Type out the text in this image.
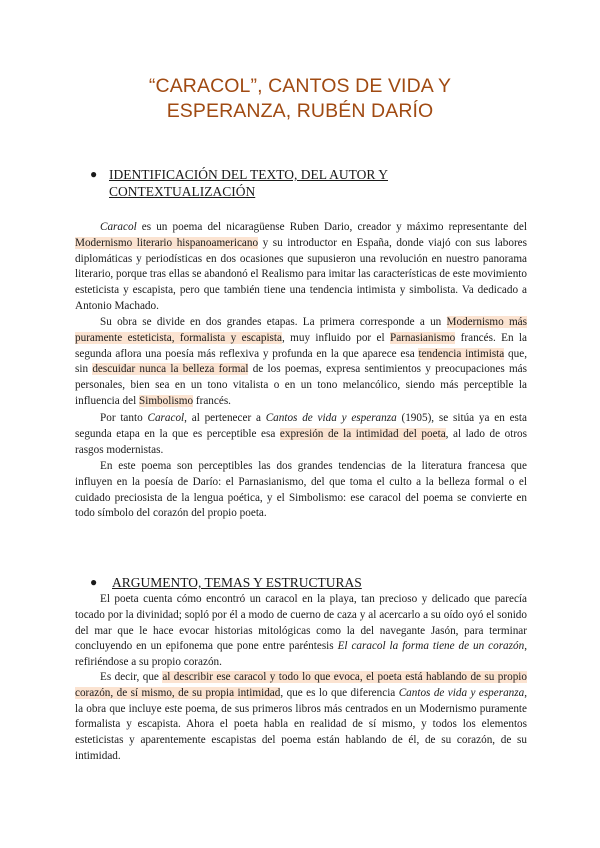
“CARACOL”, CANTOS DE VIDA Y
ESPERANZA, RUBÉN DARÍO
● IDENTIFICACIÓN DEL TEXTO, DEL AUTOR Y
CONTEXTUALIZACIÓN

Caracol es un poema del nicaragüense Ruben Dario, creador y máximo representante del Modernismo literario hispanoamericano y su introductor en España, donde viajó con sus labores diplomáticas y periodísticas en dos ocasiones que supusieron una revolución en nuestro panorama literario, porque tras ellas se abandonó el Realismo para imitar las características de este movimiento esteticista y escapista, pero que también tiene una tendencia intimista y simbolista. Va dedicado a Antonio Machado.

Su obra se divide en dos grandes etapas. La primera corresponde a un Modernismo más puramente esteticista, formalista y escapista, muy influido por el Parnasianismo francés. En la segunda aflora una poesía más reflexiva y profunda en la que aparece esa tendencia intimista que, sin descuidar nunca la belleza formal de los poemas, expresa sentimientos y preocupaciones más personales, bien sea en un tono vitalista o en un tono melancólico, siendo más perceptible la influencia del Simbolismo francés.

Por tanto Caracol, al pertenecer a Cantos de vida y esperanza (1905), se sitúa ya en esta segunda etapa en la que es perceptible esa expresión de la intimidad del poeta, al lado de otros rasgos modernistas.

En este poema son perceptibles las dos grandes tendencias de la literatura francesa que influyen en la poesía de Darío: el Parnasianismo, del que toma el culto a la belleza formal o el cuidado preciosista de la lengua poética, y el Simbolismo: ese caracol del poema se convierte en todo símbolo del corazón del propio poeta.

● ARGUMENTO, TEMAS Y ESTRUCTURAS

El poeta cuenta cómo encontró un caracol en la playa, tan precioso y delicado que parecía tocado por la divinidad; sopló por él a modo de cuerno de caza y al acercarlo a su oído oyó el sonido del mar que le hace evocar historias mitológicas como la del navegante Jasón, para terminar concluyendo en un epifonema que pone entre paréntesis El caracol la forma tiene de un corazón, refiriéndose a su propio corazón.

Es decir, que al describir ese caracol y todo lo que evoca, el poeta está hablando de su propio corazón, de sí mismo, de su propia intimidad, que es lo que diferencia Cantos de vida y esperanza, la obra que incluye este poema, de sus primeros libros más centrados en un Modernismo puramente formalista y escapista. Ahora el poeta habla en realidad de sí mismo, y todos los elementos esteticistas y aparentemente escapistas del poema están hablando de él, de su corazón, de su intimidad.
